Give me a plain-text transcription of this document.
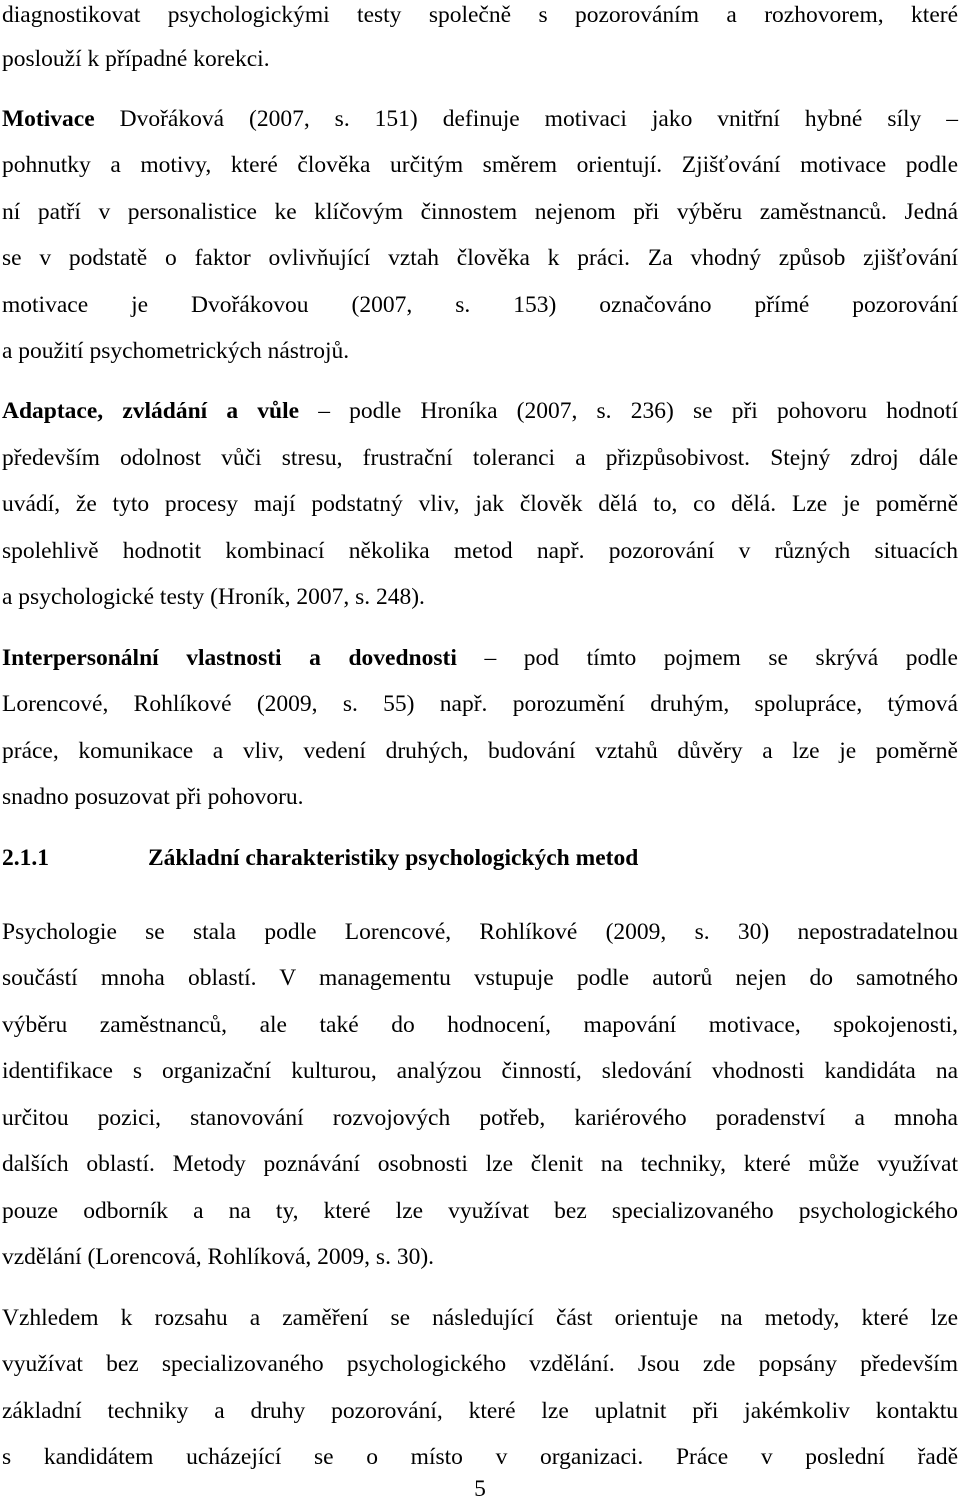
diagnostikovat psychologickými testy společně s pozorováním a rozhovorem, které
poslouží k případné korekci.
Motivace Dvořáková (2007, s. 151) definuje motivaci jako vnitřní hybné síly –
pohnutky a motivy, které člověka určitým směrem orientují. Zjišťování motivace podle
ní patří v personalistice ke klíčovým činnostem nejenom při výběru zaměstnanců. Jedná
se v podstatě o faktor ovlivňující vztah člověka k práci. Za vhodný způsob zjišťování
motivace je Dvořákovou (2007, s. 153) označováno přímé pozorování
a použití psychometrických nástrojů.
Adaptace, zvládání a vůle – podle Hroníka (2007, s. 236) se při pohovoru hodnotí
především odolnost vůči stresu, frustrační toleranci a přizpůsobivost. Stejný zdroj dále
uvádí, že tyto procesy mají podstatný vliv, jak člověk dělá to, co dělá. Lze je poměrně
spolehlivě hodnotit kombinací několika metod např. pozorování v různých situacích
a psychologické testy (Hroník, 2007, s. 248).
Interpersonální vlastnosti a dovednosti – pod tímto pojmem se skrývá podle
Lorencové, Rohlíkové (2009, s. 55) např. porozumění druhým, spolupráce, týmová
práce, komunikace a vliv, vedení druhých, budování vztahů důvěry a lze je poměrně
snadno posuzovat při pohovoru.
2.1.1	Základní charakteristiky psychologických metod
Psychologie se stala podle Lorencové, Rohlíkové (2009, s. 30) nepostradatelnou
součástí mnoha oblastí. V managementu vstupuje podle autorů nejen do samotného
výběru zaměstnanců, ale také do hodnocení, mapování motivace, spokojenosti,
identifikace s organizační kulturou, analýzou činností, sledování vhodnosti kandidáta na
určitou pozici, stanovování rozvojových potřeb, kariérového poradenství a mnoha
dalších oblastí. Metody poznávání osobnosti lze členit na techniky, které může využívat
pouze odborník a na ty, které lze využívat bez specializovaného psychologického
vzdělání (Lorencová, Rohlíková, 2009, s. 30).
Vzhledem k rozsahu a zaměření se následující část orientuje na metody, které lze
využívat bez specializovaného psychologického vzdělání. Jsou zde popsány především
základní techniky a druhy pozorování, které lze uplatnit při jakémkoliv kontaktu
s kandidátem ucházející se o místo v organizaci. Práce v poslední řadě
5
